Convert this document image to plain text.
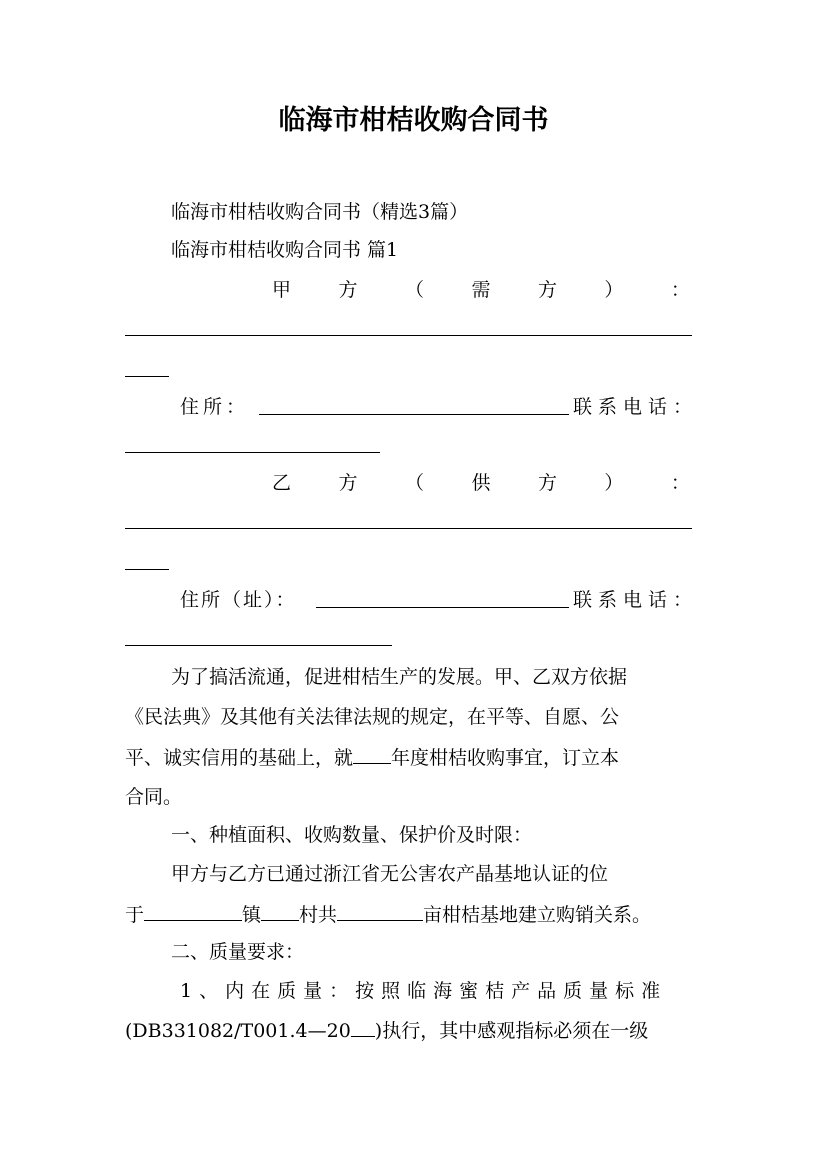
临海市柑桔收购合同书
临海市柑桔收购合同书（精选3篇）
临海市柑桔收购合同书 篇1
甲 方 （ 需 方 ） ：
住所：	联系电话：
乙 方 （ 供 方 ） ：
住所（址）：	联系电话：
为了搞活流通，促进柑桔生产的发展。甲、乙双方依据
《民法典》及其他有关法律法规的规定，在平等、自愿、公
平、诚实信用的基础上，就 年度柑桔收购事宜，订立本
合同。
一、种植面积、收购数量、保护价及时限：
甲方与乙方已通过浙江省无公害农产晶基地认证的位
于	镇 村共	亩柑桔基地建立购销关系。
二、质量要求：
1、内在质量：按照临海蜜桔产品质量标准
(DB331082/T001.4—20 )执行，其中感观指标必须在一级
